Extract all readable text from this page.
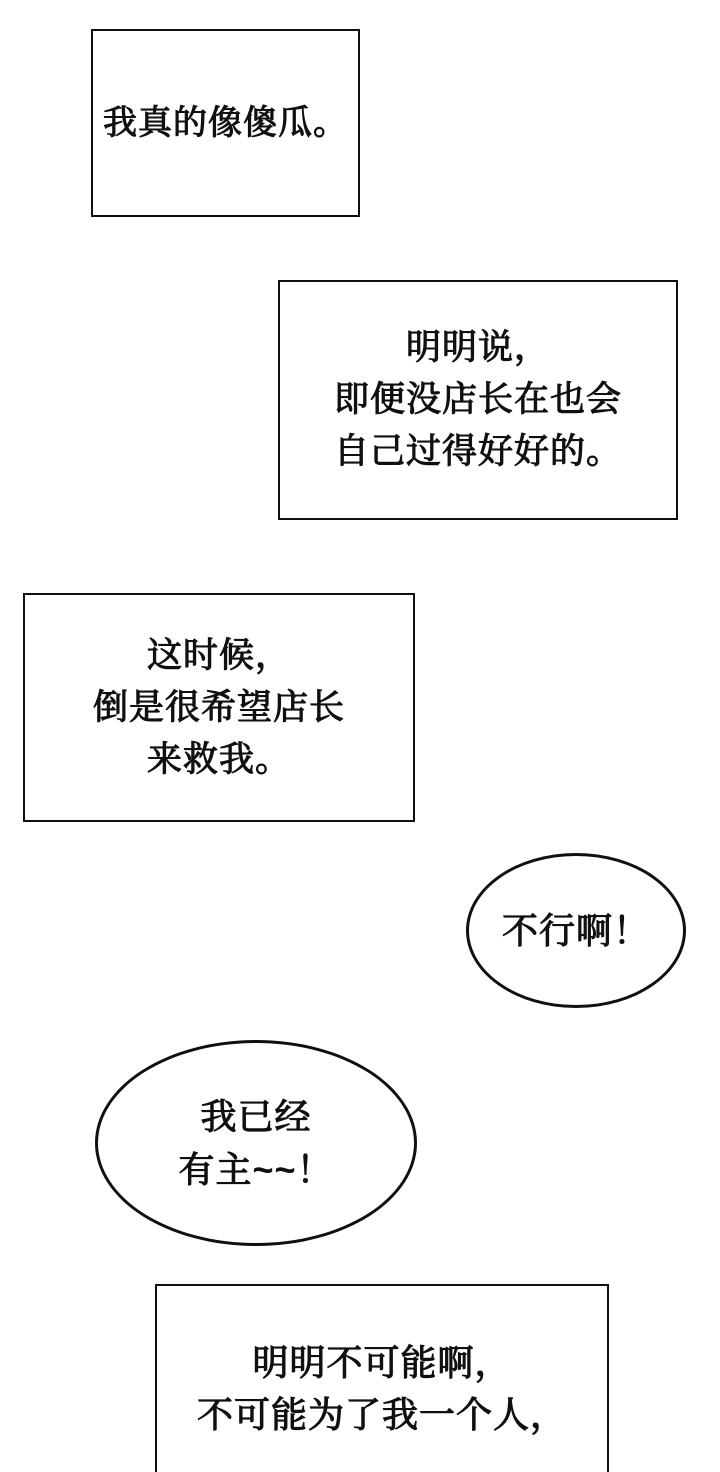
我真的像傻瓜。
明明说，
即便没店长在也会
自己过得好好的。
这时候，
倒是很希望店长
来救我。
不行啊！
我已经
有主~~！
明明不可能啊，
不可能为了我一个人，
